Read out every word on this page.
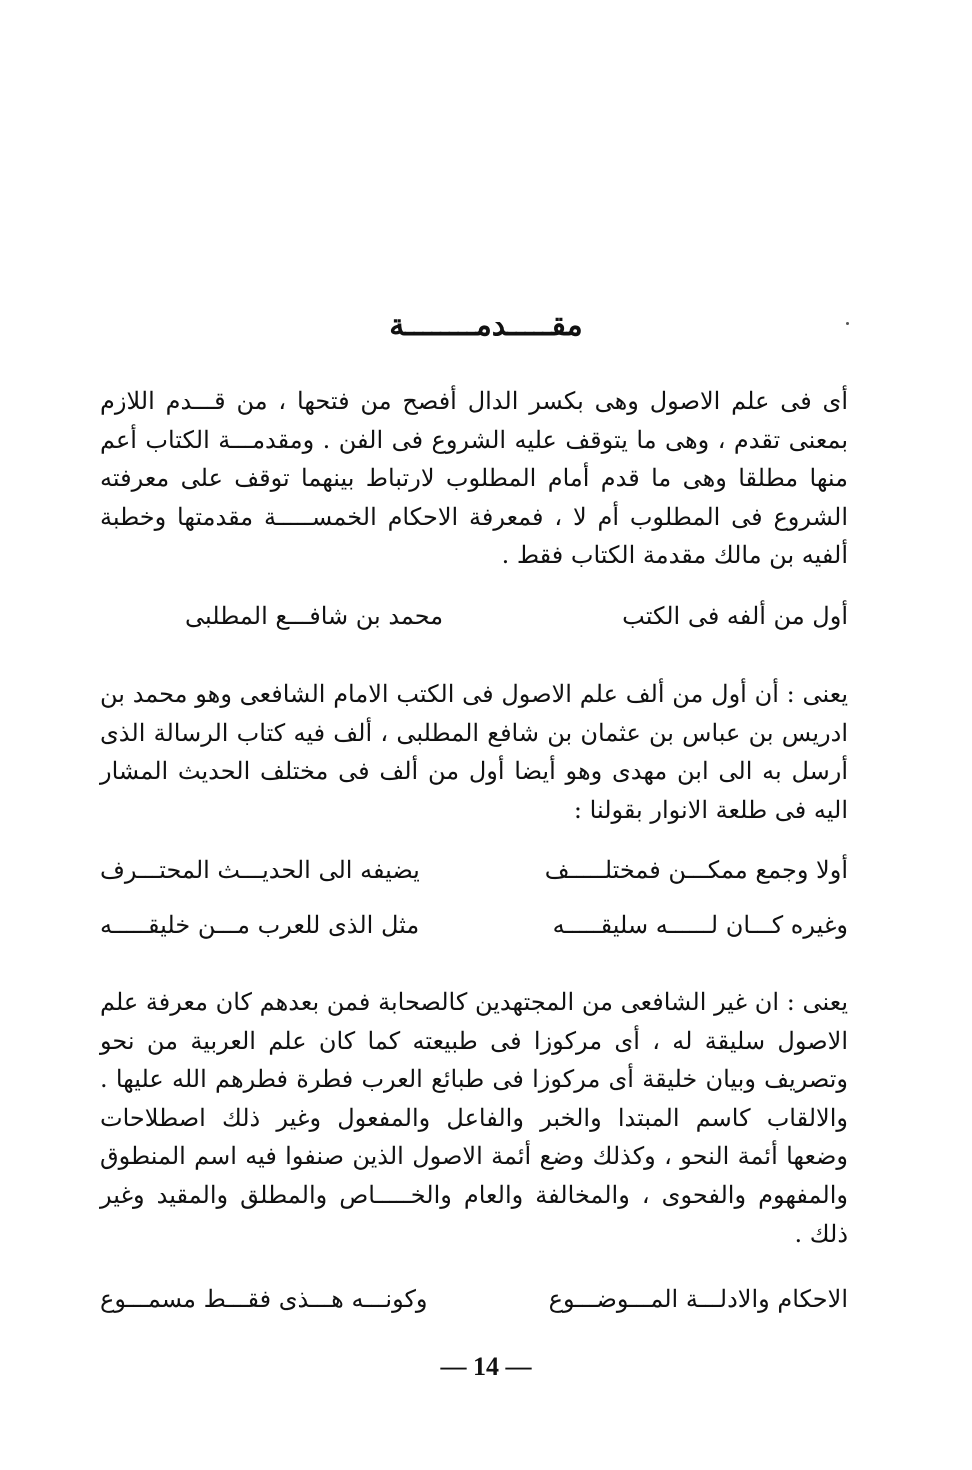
مقـــــدمــــــــة
أى فى علم الاصول وهى بكسر الدال أفصح من فتحها ، من قـــدم اللازم بمعنى تقدم ، وهى ما يتوقف عليه الشروع فى الفن . ومقدمـــة الكتاب أعم منها مطلقا وهى ما قدم أمام المطلوب لارتباط بينهما توقف على معرفته الشروع فى المطلوب أم لا ، فمعرفة الاحكام الخمســـــة مقدمتها وخطبة ألفيه بن مالك مقدمة الكتاب فقط .
أول من ألفه فى الكتب
محمد بن شافـــع المطلبى
يعنى : أن أول من ألف علم الاصول فى الكتب الامام الشافعى وهو محمد بن ادريس بن عباس بن عثمان بن شافع المطلبى ، ألف فيه كتاب الرسالة الذى أرسل به الى ابن مهدى وهو أيضا أول من ألف فى مختلف الحديث المشار اليه فى طلعة الانوار بقولنا :
أولا وجمع ممكـــن فمختلـــــف
يضيفه الى الحديـــث المحتـــرف
وغيره كـــان لــــــه سليقـــــه
مثل الذى للعرب مـــن خليقـــــه
يعنى : ان غير الشافعى من المجتهدين كالصحابة فمن بعدهم كان معرفة علم الاصول سليقة له ، أى مركوزا فى طبيعته كما كان علم العربية من نحو وتصريف وبيان خليقة أى مركوزا فى طبائع العرب فطرة فطرهم الله عليها . والالقاب كاسم المبتدا والخبر والفاعل والمفعول وغير ذلك اصطلاحات وضعها أئمة النحو ، وكذلك وضع أئمة الاصول الذين صنفوا فيه اسم المنطوق والمفهوم والفحوى ، والمخالفة والعام والخـــــاص والمطلق والمقيد وغير ذلك .
الاحكام والادلـــة المـــوضـــوع
وكونـــه هـــذى فقـــط مسمـــوع
— 14 —
